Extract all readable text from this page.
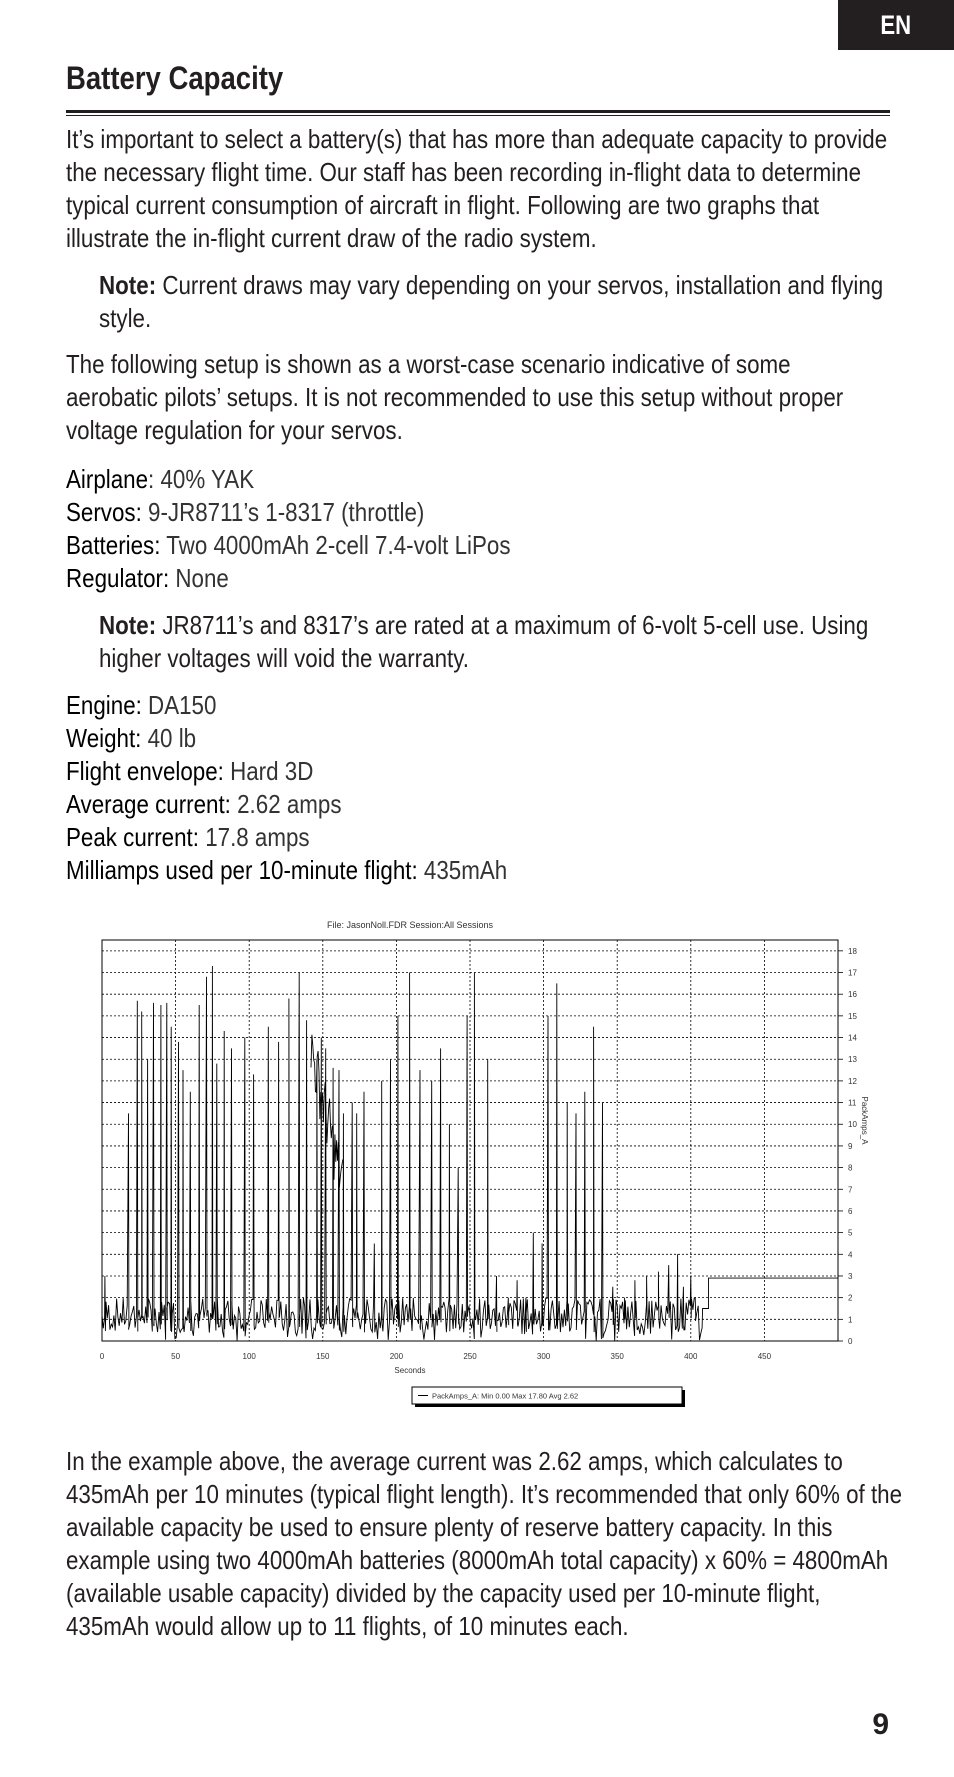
EN
Battery Capacity

It’s important to select a battery(s) that has more than adequate capacity to provide the necessary flight time. Our staff has been recording in-flight data to determine typical current consumption of aircraft in flight. Following are two graphs that illustrate the in-flight current draw of the radio system.

Note: Current draws may vary depending on your servos, installation and flying style.

The following setup is shown as a worst-case scenario indicative of some aerobatic pilots’ setups. It is not recommended to use this setup without proper voltage regulation for your servos.

Airplane: 40% YAK
Servos: 9-JR8711’s 1-8317 (throttle)
Batteries: Two 4000mAh 2-cell 7.4-volt LiPos
Regulator: None

Note: JR8711’s and 8317’s are rated at a maximum of 6-volt 5-cell use. Using higher voltages will void the warranty.

Engine: DA150
Weight: 40 lb
Flight envelope: Hard 3D
Average current: 2.62 amps
Peak current: 17.8 amps
Milliamps used per 10-minute flight: 435mAh
File: JasonNoll.FDR Session:All Sessions
0
1
2
3
4
5
6
7
8
9
10
11
12
13
14
15
16
17
18
0	50	100	150	200	250	300	350	400	450
Seconds
PackAmps_A
PackAmps_A: Min 0.00 Max 17.80 Avg 2.62

In the example above, the average current was 2.62 amps, which calculates to 435mAh per 10 minutes (typical flight length). It’s recommended that only 60% of the available capacity be used to ensure plenty of reserve battery capacity. In this example using two 4000mAh batteries (8000mAh total capacity) x 60% = 4800mAh (available usable capacity) divided by the capacity used per 10-minute flight, 435mAh would allow up to 11 flights, of 10 minutes each.

9
